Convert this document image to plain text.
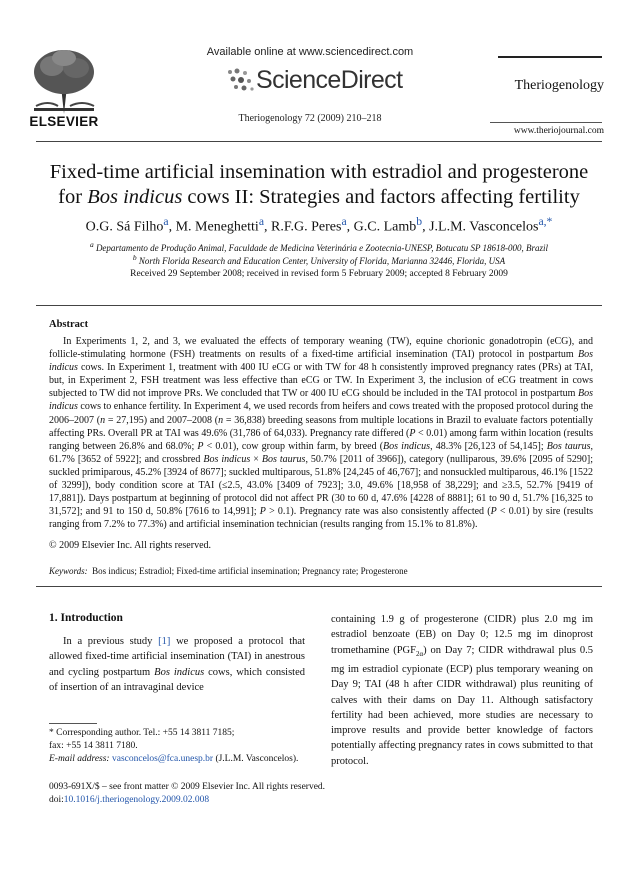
ELSEVIER
Available online at www.sciencedirect.com
ScienceDirect
Theriogenology 72 (2009) 210–218
Theriogenology
www.theriojournal.com
Fixed-time artificial insemination with estradiol and progesterone
for Bos indicus cows II: Strategies and factors affecting fertility
O.G. Sá Filho$^a$, M. Meneghetti$^a$, R.F.G. Peres$^a$, G.C. Lamb$^b$, J.L.M. Vasconcelos$^{a,*}$
$^a$ Departamento de Produção Animal, Faculdade de Medicina Veterinária e Zootecnia-UNESP, Botucatu SP 18618-000, Brazil
$^b$ North Florida Research and Education Center, University of Florida, Marianna 32446, Florida, USA
Received 29 September 2008; received in revised form 5 February 2009; accepted 8 February 2009
Abstract
In Experiments 1, 2, and 3, we evaluated the effects of temporary weaning (TW), equine chorionic gonadotropin (eCG), and follicle-stimulating hormone (FSH) treatments on results of a fixed-time artificial insemination (TAI) protocol in postpartum Bos indicus cows. In Experiment 1, treatment with 400 IU eCG or with TW for 48 h consistently improved pregnancy rates (PRs) at TAI, but, in Experiment 2, FSH treatment was less effective than eCG or TW. In Experiment 3, the inclusion of eCG treatment in cows subjected to TW did not improve PRs. We concluded that TW or 400 IU eCG should be included in the TAI protocol in postpartum Bos indicus cows to enhance fertility. In Experiment 4, we used records from heifers and cows treated with the proposed protocol during the 2006–2007 (n = 27,195) and 2007–2008 (n = 36,838) breeding seasons from multiple locations in Brazil to evaluate factors potentially affecting PRs. Overall PR at TAI was 49.6% (31,786 of 64,033). Pregnancy rate differed (P < 0.01) among farm within location (results ranging between 26.8% and 68.0%; P < 0.01), cow group within farm, by breed (Bos indicus, 48.3% [26,123 of 54,145]; Bos taurus, 61.7% [3652 of 5922]; and crossbred Bos indicus × Bos taurus, 50.7% [2011 of 3966]), category (nulliparous, 39.6% [2095 of 5290]; suckled primiparous, 45.2% [3924 of 8677]; suckled multiparous, 51.8% [24,245 of 46,767]; and nonsuckled multiparous, 46.1% [1522 of 3299]), body condition score at TAI (≤2.5, 43.0% [3409 of 7923]; 3.0, 49.6% [18,958 of 38,229]; and ≥3.5, 52.7% [9419 of 17,881]). Days postpartum at beginning of protocol did not affect PR (30 to 60 d, 47.6% [4228 of 8881]; 61 to 90 d, 51.7% [16,325 to 31,572]; and 91 to 150 d, 50.8% [7616 to 14,991]; P > 0.1). Pregnancy rate was also consistently affected (P < 0.01) by sire (results ranging from 7.2% to 77.3%) and artificial insemination technician (results ranging from 15.1% to 81.8%).
© 2009 Elsevier Inc. All rights reserved.
Keywords: Bos indicus; Estradiol; Fixed-time artificial insemination; Pregnancy rate; Progesterone
1. Introduction
In a previous study [1] we proposed a protocol that allowed fixed-time artificial insemination (TAI) in anestrous and cycling postpartum Bos indicus cows, which consisted of insertion of an intravaginal device
containing 1.9 g of progesterone (CIDR) plus 2.0 mg im estradiol benzoate (EB) on Day 0; 12.5 mg im dinoprost tromethamine $(PGF_{2\alpha})$ on Day 7; CIDR withdrawal plus 0.5 mg im estradiol cypionate (ECP) plus temporary weaning on Day 9; TAI (48 h after CIDR withdrawal) plus reuniting of calves with their dams on Day 11. Although satisfactory fertility had been achieved, more studies are necessary to improve results and provide better knowledge of factors potentially affecting pregnancy rates in cows submitted to that protocol.
* Corresponding author. Tel.: +55 14 3811 7185;
fax: +55 14 3811 7180.
E-mail address: vasconcelos@fca.unesp.br (J.L.M. Vasconcelos).
0093-691X/$ – see front matter © 2009 Elsevier Inc. All rights reserved.
doi:10.1016/j.theriogenology.2009.02.008
